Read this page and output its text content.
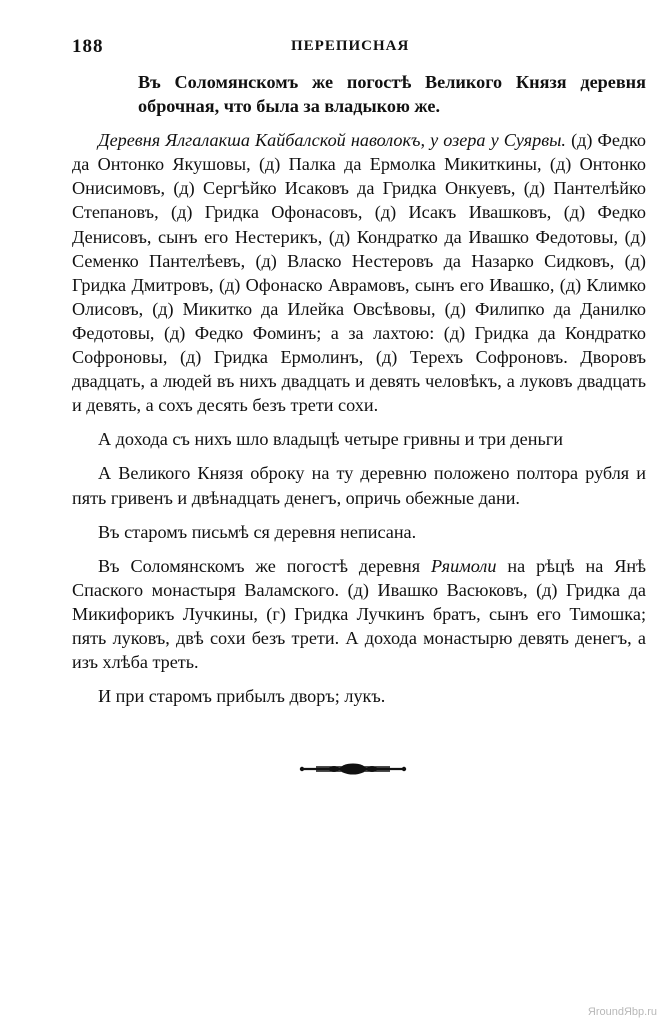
188	ПЕРЕПИСНАЯ

Въ Соломянскомъ же погостѣ Великого Князя деревня оброчная, что была за владыкою же.

Деревня Ялгалакша Кайбалской наволокъ, у озера у Суярвы. (д) Федко да Онтонко Якушовы, (д) Палка да Ермолка Микиткины, (д) Онтонко Онисимовъ, (д) Сергѣйко Исаковъ да Гридка Онкуевъ, (д) Пантелѣйко Степановъ, (д) Гридка Офонасовъ, (д) Исакъ Ивашковъ, (д) Федко Денисовъ, сынъ его Нестерикъ, (д) Кондратко да Ивашко Федотовы, (д) Семенко Пантелѣевъ, (д) Власко Нестеровъ да Назарко Сидковъ, (д) Гридка Дмитровъ, (д) Офонаско Аврамовъ, сынъ его Ивашко, (д) Климко Олисовъ, (д) Микитко да Илейка Овсѣвовы, (д) Филипко да Данилко Федотовы, (д) Федко Фоминъ; а за лахтою: (д) Гридка да Кондратко Софроновы, (д) Гридка Ермолинъ, (д) Терехъ Софроновъ. Дворовъ двадцать, а людей въ нихъ двадцать и девять человѣкъ, а луковъ двадцать и девять, а сохъ десять безъ трети сохи.

А дохода съ нихъ шло владыцѣ четыре гривны и три деньги

А Великого Князя оброку на ту деревню положено полтора рубля и пять гривенъ и двѣнадцать денегъ, опричь обежные дани.

Въ старомъ письмѣ ся деревня неписана.

Въ Соломянскомъ же погостѣ деревня Ряимоли на рѣцѣ на Янѣ Спаского монастыря Валамского. (д) Ивашко Васюковъ, (д) Гридка да Микифорикъ Лучкины, (г) Гридка Лучкинъ братъ, сынъ его Тимошка; пять луковъ, двѣ сохи безъ трети. А дохода монастырю девять денегъ, а изъ хлѣба треть.

И при старомъ прибылъ дворъ; лукъ.

ЯroundЯbp.ru
